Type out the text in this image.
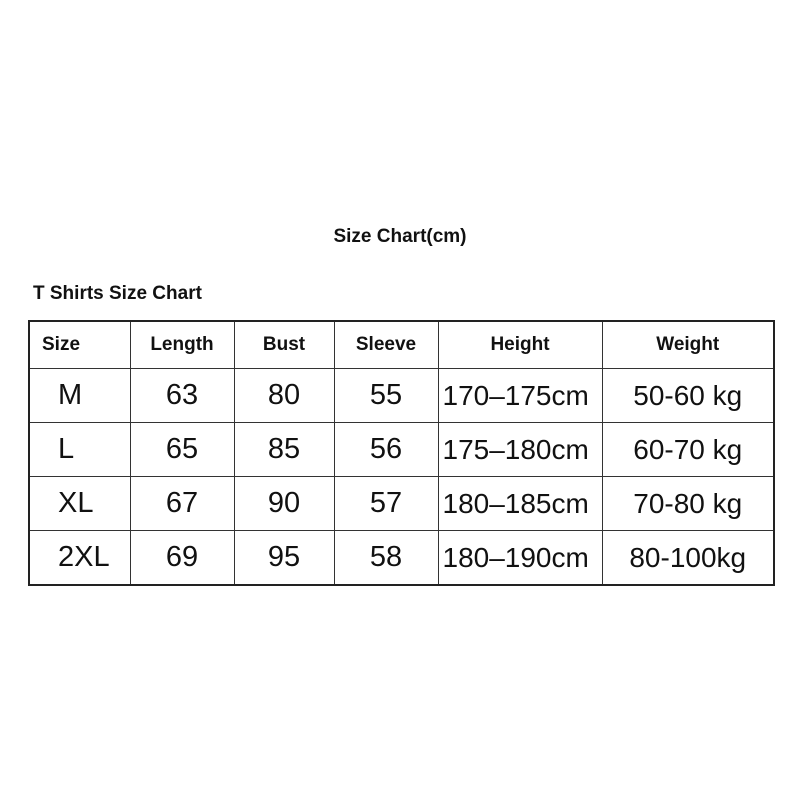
Size Chart(cm)
T Shirts Size Chart
Size	Length	Bust	Sleeve	Height	Weight
M	63	80	55	170–175cm	50-60 kg
L	65	85	56	175–180cm	60-70 kg
XL	67	90	57	180–185cm	70-80 kg
2XL	69	95	58	180–190cm	80-100kg
